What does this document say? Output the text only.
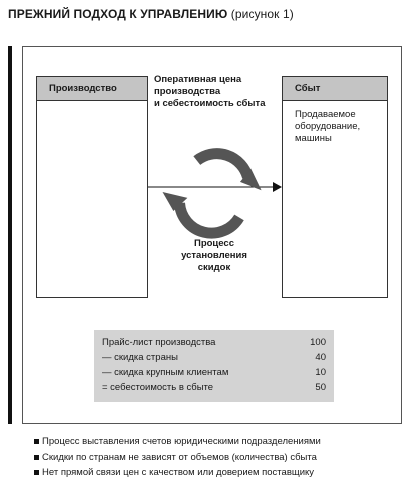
ПРЕЖНИЙ ПОДХОД К УПРАВЛЕНИЮ (рисунок 1)
Производство	Сбыт
Продаваемое
оборудование,
машины
Оперативная цена
производства
и себестоимость сбыта
Процесс
установления
скидок
Прайс-лист производства	100
— скидка страны	40
— скидка крупным клиентам	10
= себестоимость в сбыте	50
Процесс выставления счетов юридическими подразделениями
Скидки по странам не зависят от объемов (количества) сбыта
Нет прямой связи цен с качеством или доверием поставщику
